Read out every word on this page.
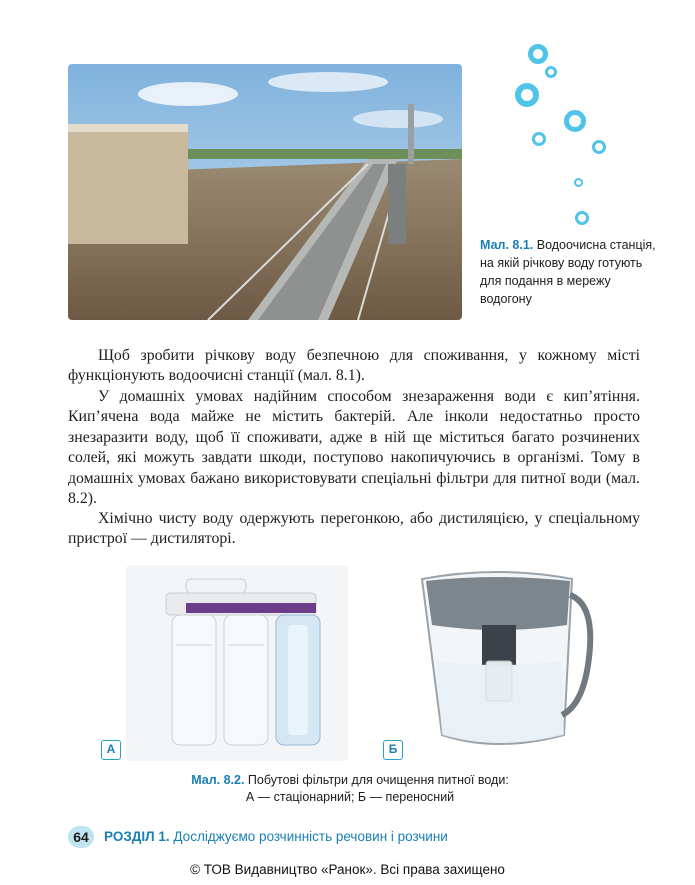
Мал. 8.1. Водоочисна станція, на якій річкову воду готують для подання в мережу водогону
Щоб зробити річкову воду безпечною для споживання, у кожному місті функціонують водоочисні станції (мал. 8.1).
У домашніх умовах надійним способом знезараження води є кип’ятіння. Кип’ячена вода майже не містить бактерій. Але інколи недостатньо просто знезаразити воду, щоб її споживати, адже в ній ще міститься багато розчинених солей, які можуть завдати шкоди, поступово накопичуючись в організмі. Тому в домашніх умовах бажано використовувати спеціальні фільтри для питної води (мал. 8.2).
Хімічно чисту воду одержують перегонкою, або дистиляцією, у спеціальному пристрої — дистиляторі.
А	Б
Мал. 8.2. Побутові фільтри для очищення питної води:
А — стаціонарний; Б — переносний
64	РОЗДІЛ 1. Досліджуємо розчинність речовин і розчини
© ТОВ Видавництво «Ранок». Всі права захищено
